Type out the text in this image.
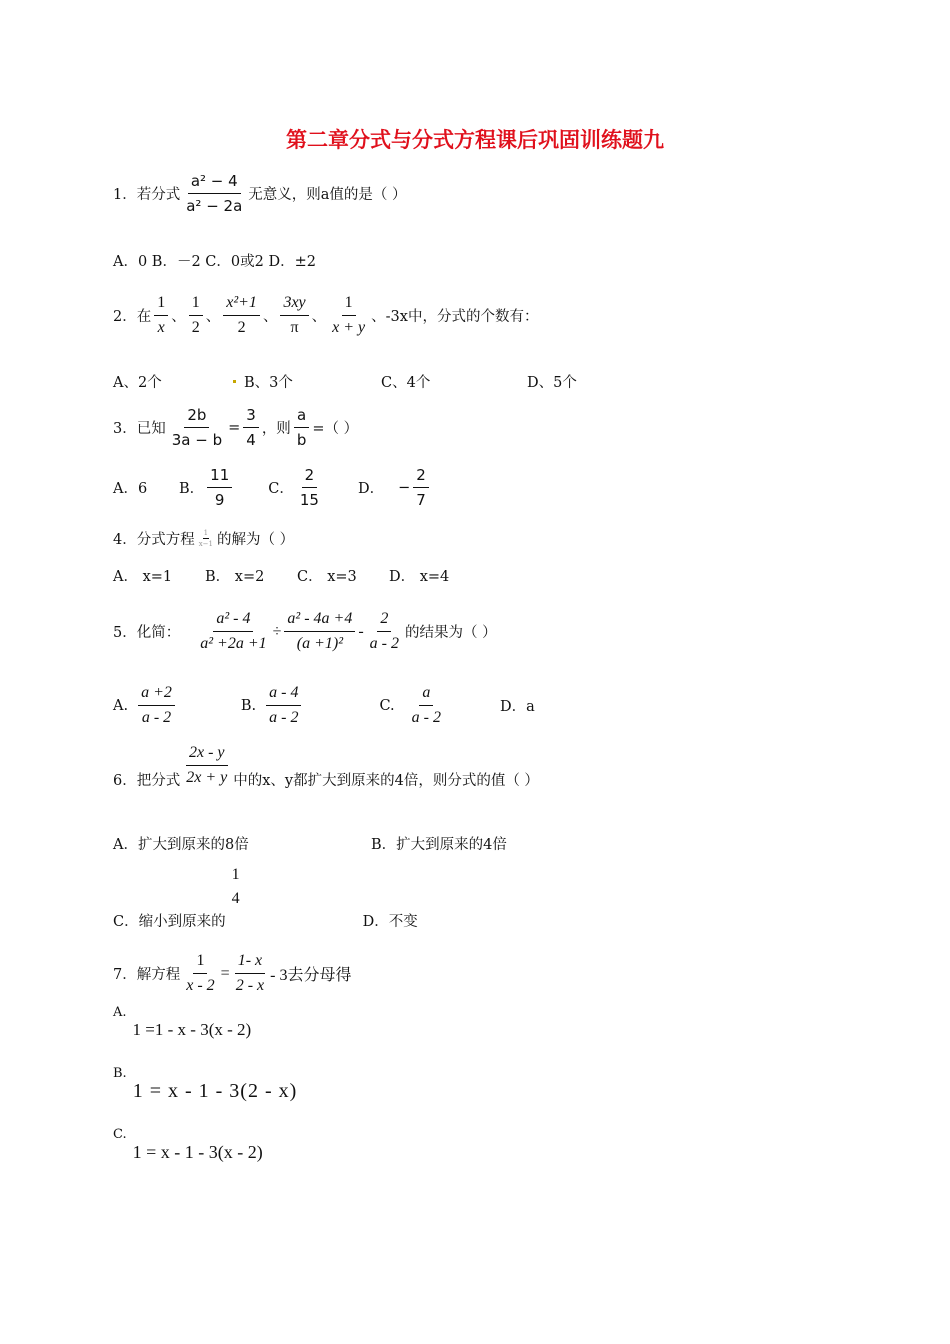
第二章分式与分式方程课后巩固训练题九
1．若分式 $\frac{\text{a² − 4}}{\text{a² − 2a}}$ 无意义，则a值的是（ ）
A．0 B．－2 C．0或2 D．±2
2．在 $\frac{1}{x}$ 、 $\frac{1}{2}$ 、 $\frac{\text{x²+1}}{2}$ 、 $\frac{3xy}{\pi}$ 、 $\frac{1}{x + y}$ 、-3x中，分式的个数有：
A、2个	B、3个	C、4个	D、5个
3．已知 $\frac{2b}{3a - b} = \frac{3}{4}$ ，则 $\frac{a}{b}$ =（ ）
A．6	B． $\frac{11}{9}$ C． $\frac{2}{15}$ D． − $\frac{2}{7}$
4．分式方程 $\frac{1}{x-1}$ 的解为（ ）
A． x=1	B． x=2	C． x=3	D． x=4
5．化简： $\frac{\text{a² - 4}}{\text{a² +2a +1}} \div \frac{\text{a² - 4a +4}}{\text{(a +1)²}} - \frac{2}{a - 2}$ 的结果为（ ）
A. $\frac{a +2}{a - 2}$	B. $\frac{a - 4}{a - 2}$	C. $\frac{a}{a - 2}$	D．a
6．把分式 $\frac{2x - y}{2x + y}$ 中的x、y都扩大到原来的4倍，则分式的值（ ）
A．扩大到原来的8倍	B．扩大到原来的4倍
C．缩小到原来的
1
4
D．不变
7．解方程 $\frac{1}{x - 2} = \frac{1- x}{2 - x} - 3$去分母得
A.
1 =1 - x - 3(x - 2)
B.
1 = x - 1 - 3(2 - x)
C.
1 = x - 1 - 3(x - 2)
